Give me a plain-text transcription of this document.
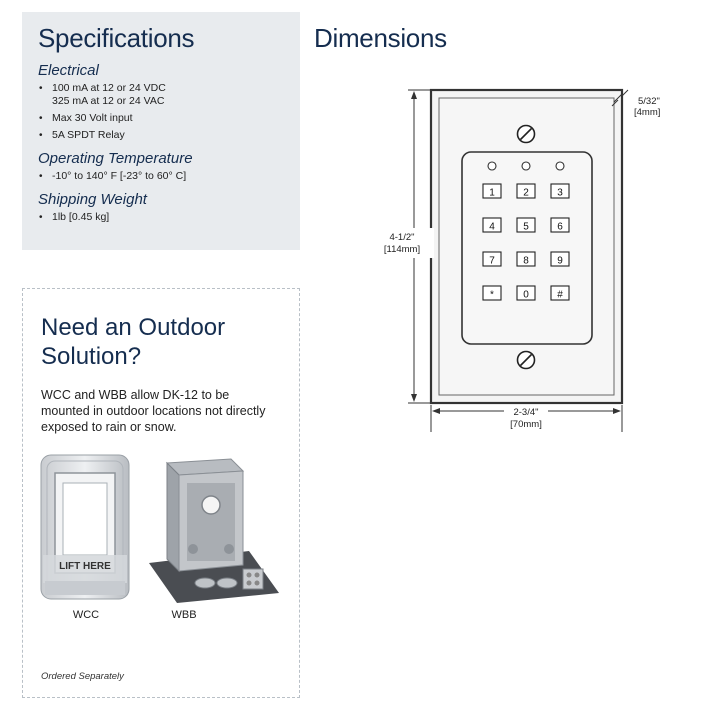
Specifications
Electrical
• 100 mA at 12 or 24 VDC
325 mA at 12 or 24 VAC
• Max 30 Volt input
• 5A SPDT Relay
Operating Temperature
• -10° to 140° F [-23° to 60° C]
Shipping Weight
• 1lb [0.45 kg]
Dimensions
1	2	3
4	5	6
7	8	9
*	0	#
5/32"
[4mm]
4-1/2"
[114mm]
2-3/4"
[70mm]
Need an Outdoor Solution?

WCC and WBB allow DK-12 to be mounted in outdoor locations not directly exposed to rain or snow.

LIFT HERE
WCC	WBB
Ordered Separately
